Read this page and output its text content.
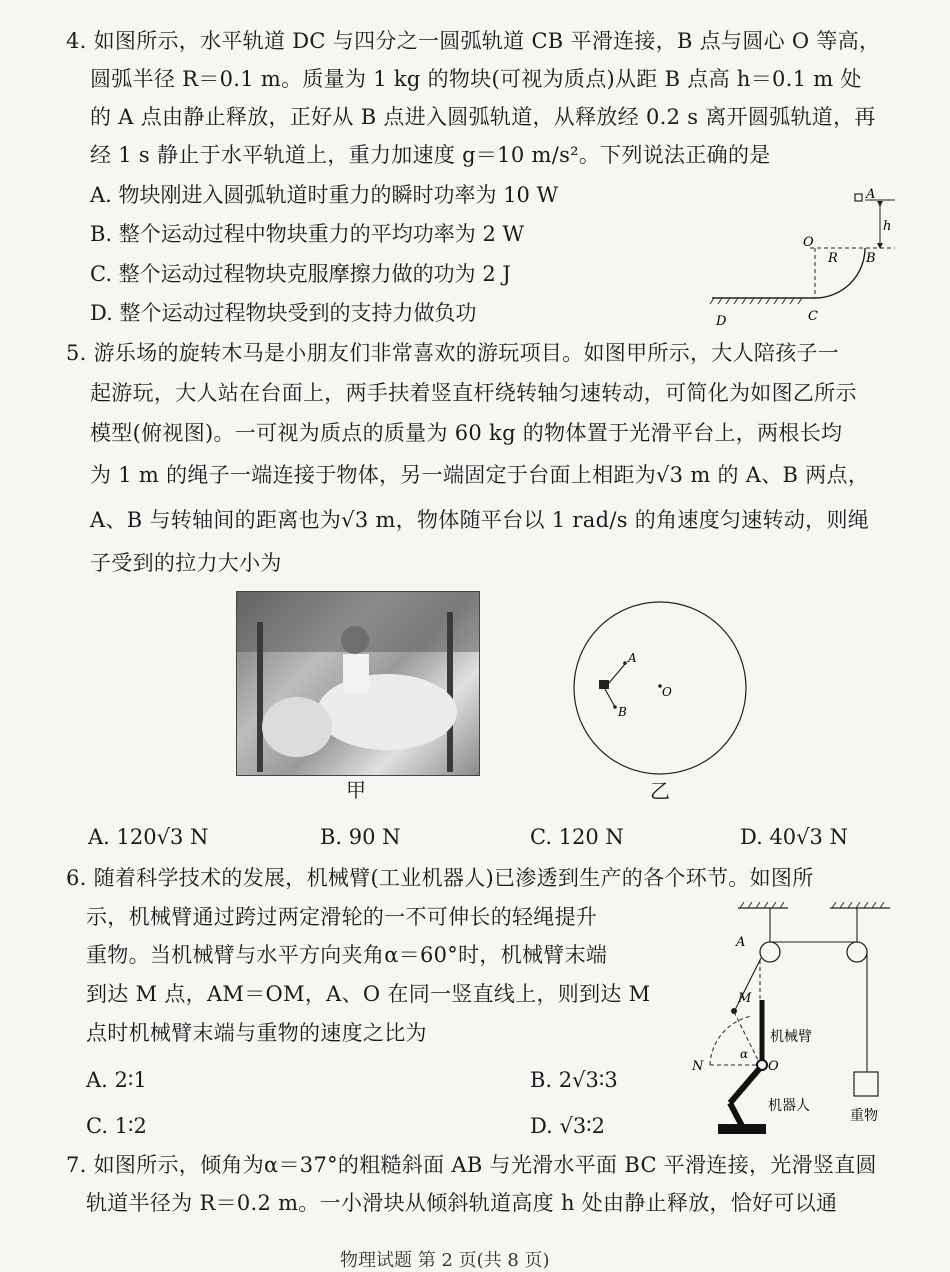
4. 如图所示，水平轨道 DC 与四分之一圆弧轨道 CB 平滑连接，B 点与圆心 O 等高，
圆弧半径 R＝0.1 m。质量为 1 kg 的物块(可视为质点)从距 B 点高 h＝0.1 m 处
的 A 点由静止释放，正好从 B 点进入圆弧轨道，从释放经 0.2 s 离开圆弧轨道，再
经 1 s 静止于水平轨道上，重力加速度 g＝10 m/s²。下列说法正确的是
A. 物块刚进入圆弧轨道时重力的瞬时功率为 10 W
B. 整个运动过程中物块重力的平均功率为 2 W
C. 整个运动过程物块克服摩擦力做的功为 2 J
D. 整个运动过程物块受到的支持力做负功
A
h
O
R B
D	C
5. 游乐场的旋转木马是小朋友们非常喜欢的游玩项目。如图甲所示，大人陪孩子一
起游玩，大人站在台面上，两手扶着竖直杆绕转轴匀速转动，可简化为如图乙所示
模型(俯视图)。一可视为质点的质量为 60 kg 的物体置于光滑平台上，两根长均
为 1 m 的绳子一端连接于物体，另一端固定于台面上相距为√3 m 的 A、B 两点，
A、B 与转轴间的距离也为√3 m，物体随平台以 1 rad/s 的角速度匀速转动，则绳
子受到的拉力大小为
甲
A
B
O
乙
A. 120√3 N	B. 90 N	C. 120 N	D. 40√3 N
6. 随着科学技术的发展，机械臂(工业机器人)已渗透到生产的各个环节。如图所
示，机械臂通过跨过两定滑轮的一不可伸长的轻绳提升
重物。当机械臂与水平方向夹角α＝60°时，机械臂末端
到达 M 点，AM＝OM，A、O 在同一竖直线上，则到达 M
点时机械臂末端与重物的速度之比为
A. 2∶1	B. 2√3∶3
C. 1∶2	D. √3∶2
A
M
N	O
α
机械臂
机器人
重物
7. 如图所示，倾角为α＝37°的粗糙斜面 AB 与光滑水平面 BC 平滑连接，光滑竖直圆
轨道半径为 R＝0.2 m。一小滑块从倾斜轨道高度 h 处由静止释放，恰好可以通
物理试题 第 2 页(共 8 页)
